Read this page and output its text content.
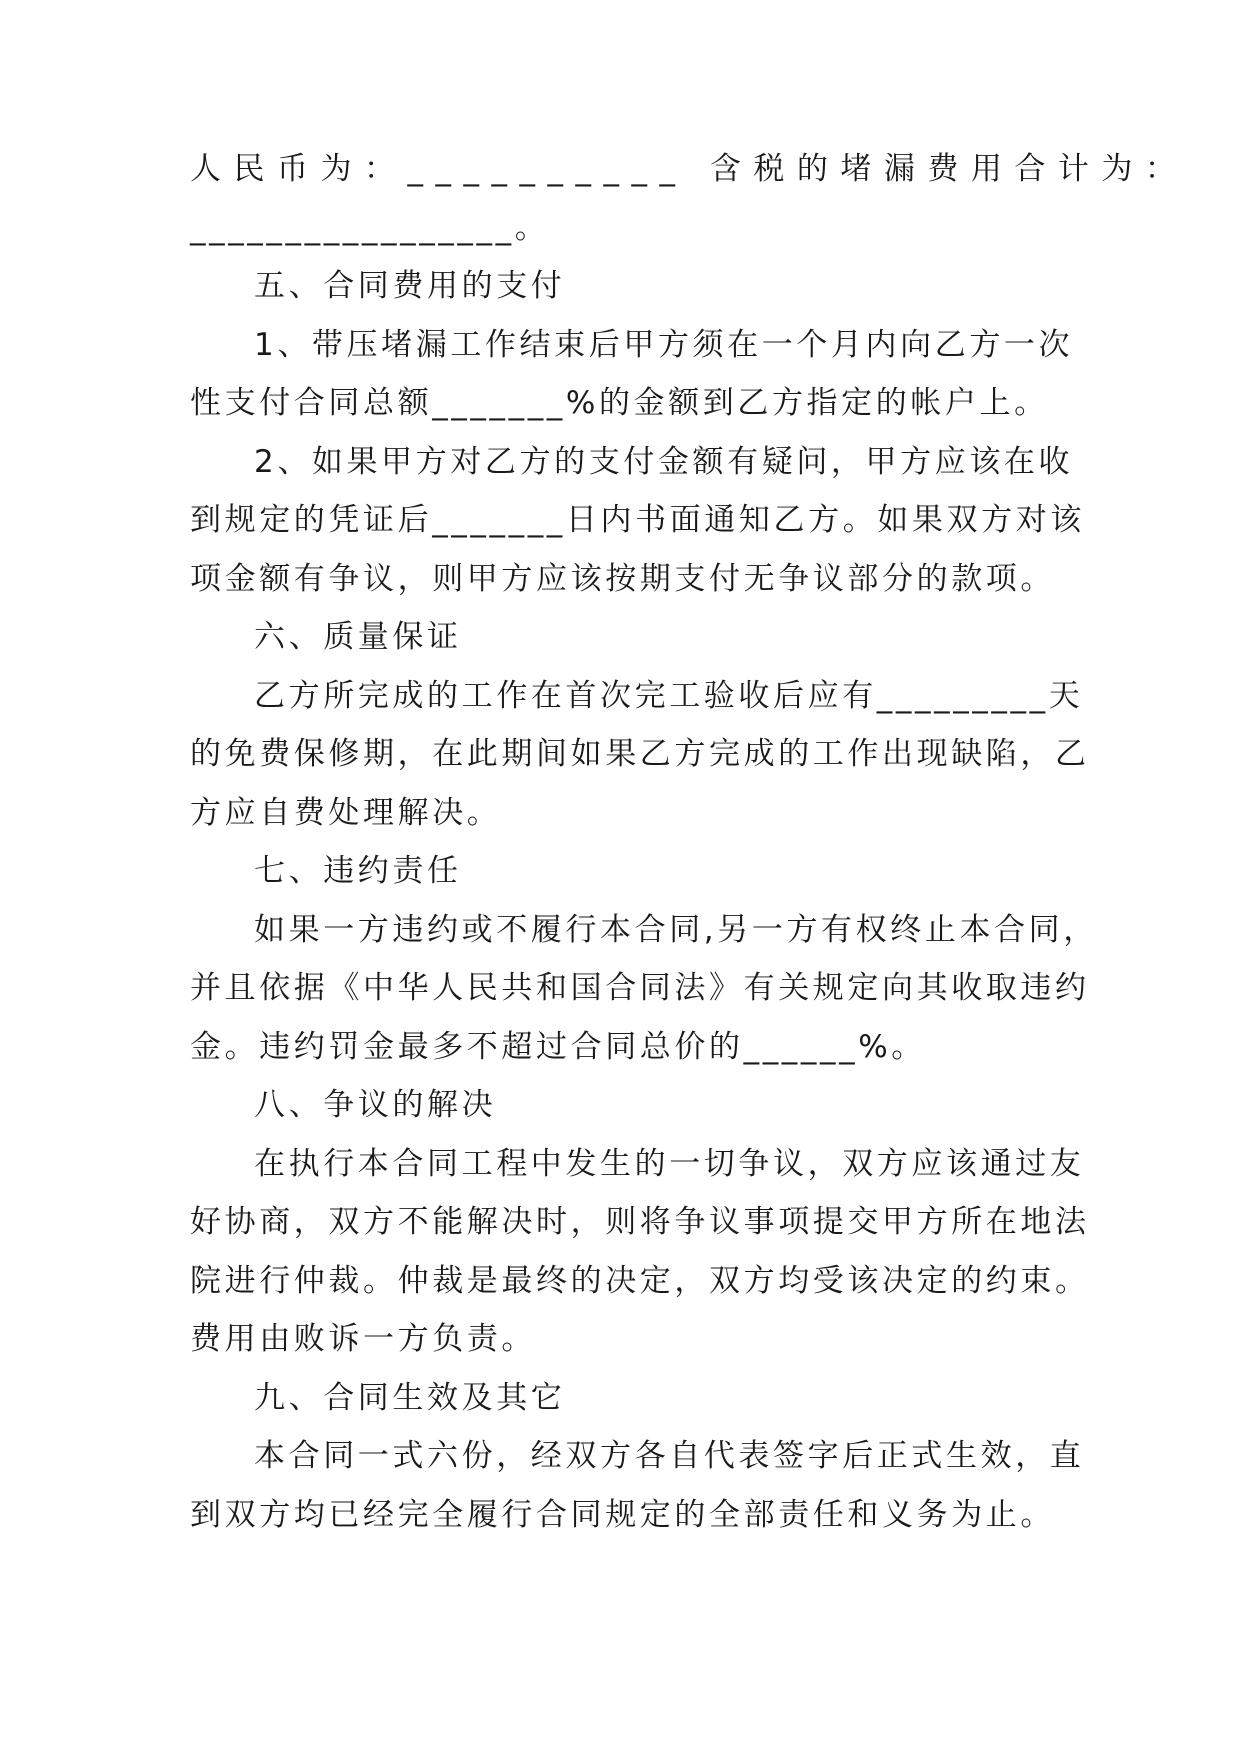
人民币为：__________ 含税的堵漏费用合计为：
_________________。
五、合同费用的支付
1、带压堵漏工作结束后甲方须在一个月内向乙方一次
性支付合同总额_______%的金额到乙方指定的帐户上。
2、如果甲方对乙方的支付金额有疑问，甲方应该在收
到规定的凭证后_______日内书面通知乙方。如果双方对该
项金额有争议，则甲方应该按期支付无争议部分的款项。
六、质量保证
乙方所完成的工作在首次完工验收后应有_________天
的免费保修期，在此期间如果乙方完成的工作出现缺陷，乙
方应自费处理解决。
七、违约责任
如果一方违约或不履行本合同,另一方有权终止本合同，
并且依据《中华人民共和国合同法》有关规定向其收取违约
金。违约罚金最多不超过合同总价的______%。
八、争议的解决
在执行本合同工程中发生的一切争议，双方应该通过友
好协商，双方不能解决时，则将争议事项提交甲方所在地法
院进行仲裁。仲裁是最终的决定，双方均受该决定的约束。
费用由败诉一方负责。
九、合同生效及其它
本合同一式六份，经双方各自代表签字后正式生效，直
到双方均已经完全履行合同规定的全部责任和义务为止。
